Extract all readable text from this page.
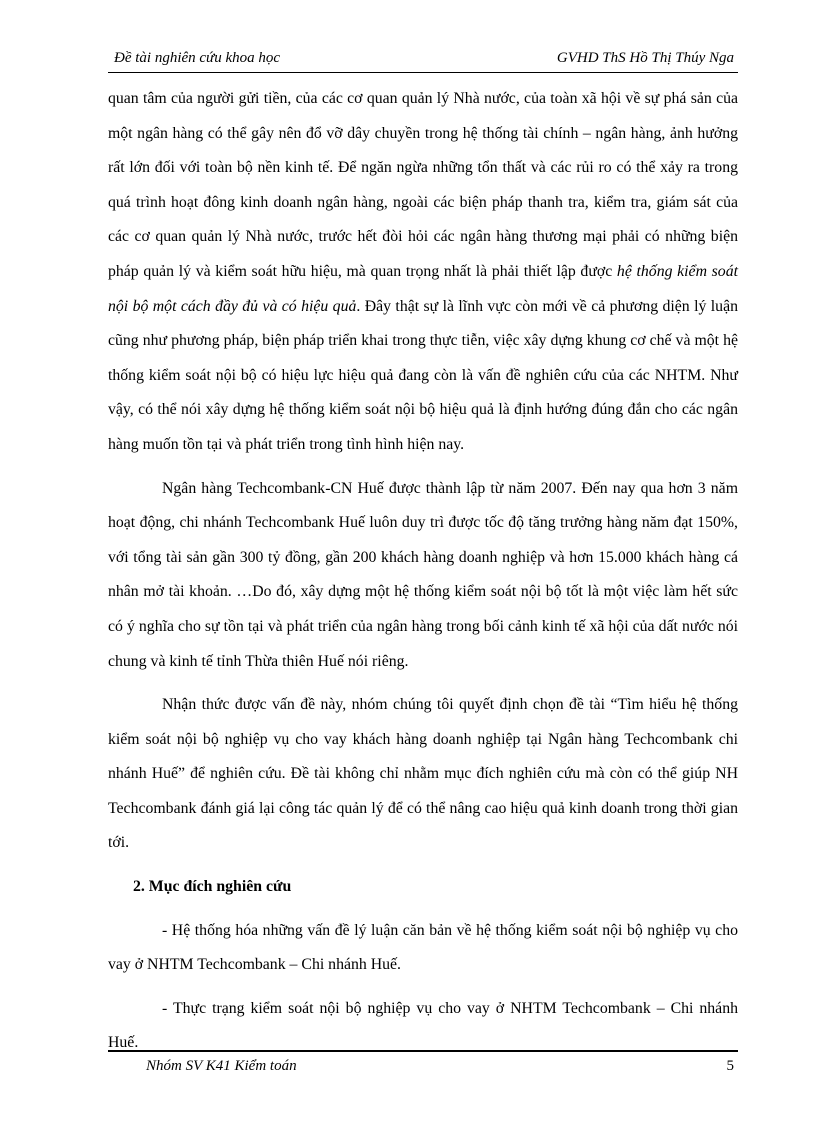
Đề tài nghiên cứu khoa học	GVHD ThS Hồ Thị Thúy Nga

quan tâm của người gửi tiền, của các cơ quan quản lý Nhà nước, của toàn xã hội về sự phá sản của một ngân hàng có thể gây nên đổ vỡ dây chuyền trong hệ thống tài chính – ngân hàng, ảnh hưởng rất lớn đối với toàn bộ nền kinh tế. Để ngăn ngừa những tổn thất và các rủi ro có thể xảy ra trong quá trình hoạt đông kinh doanh ngân hàng, ngoài các biện pháp thanh tra, kiểm tra, giám sát của các cơ quan quản lý Nhà nước, trước hết đòi hỏi các ngân hàng thương mại phải có những biện pháp quản lý và kiểm soát hữu hiệu, mà quan trọng nhất là phải thiết lập được hệ thống kiểm soát nội bộ một cách đầy đủ và có hiệu quả. Đây thật sự là lĩnh vực còn mới về cả phương diện lý luận cũng như phương pháp, biện pháp triển khai trong thực tiễn, việc xây dựng khung cơ chế và một hệ thống kiểm soát nội bộ có hiệu lực hiệu quả đang còn là vấn đề nghiên cứu của các NHTM. Như vậy, có thể nói xây dựng hệ thống kiểm soát nội bộ hiệu quả là định hướng đúng đắn cho các ngân hàng muốn tồn tại và phát triển trong tình hình hiện nay.

Ngân hàng Techcombank-CN Huế được thành lập từ năm 2007. Đến nay qua hơn 3 năm hoạt động, chi nhánh Techcombank Huế luôn duy trì được tốc độ tăng trưởng hàng năm đạt 150%, với tổng tài sản gần 300 tỷ đồng, gần 200 khách hàng doanh nghiệp và hơn 15.000 khách hàng cá nhân mở tài khoản. …Do đó, xây dựng một hệ thống kiểm soát nội bộ tốt là một việc làm hết sức có ý nghĩa cho sự tồn tại và phát triển của ngân hàng trong bối cảnh kinh tế xã hội của dất nước nói chung và kinh tế tỉnh Thừa thiên Huế nói riêng.

Nhận thức được vấn đề này, nhóm chúng tôi quyết định chọn đề tài “Tìm hiểu hệ thống kiểm soát nội bộ nghiệp vụ cho vay khách hàng doanh nghiệp tại Ngân hàng Techcombank chi nhánh Huế” để nghiên cứu. Đề tài không chỉ nhằm mục đích nghiên cứu mà còn có thể giúp NH Techcombank đánh giá lại công tác quản lý để có thể nâng cao hiệu quả kinh doanh trong thời gian tới.

2. Mục đích nghiên cứu

- Hệ thống hóa những vấn đề lý luận căn bản về hệ thống kiểm soát nội bộ nghiệp vụ cho vay ở NHTM Techcombank – Chi nhánh Huế.

- Thực trạng kiểm soát nội bộ nghiệp vụ cho vay ở NHTM Techcombank – Chi nhánh Huế.

Nhóm SV K41 Kiểm toán	5
